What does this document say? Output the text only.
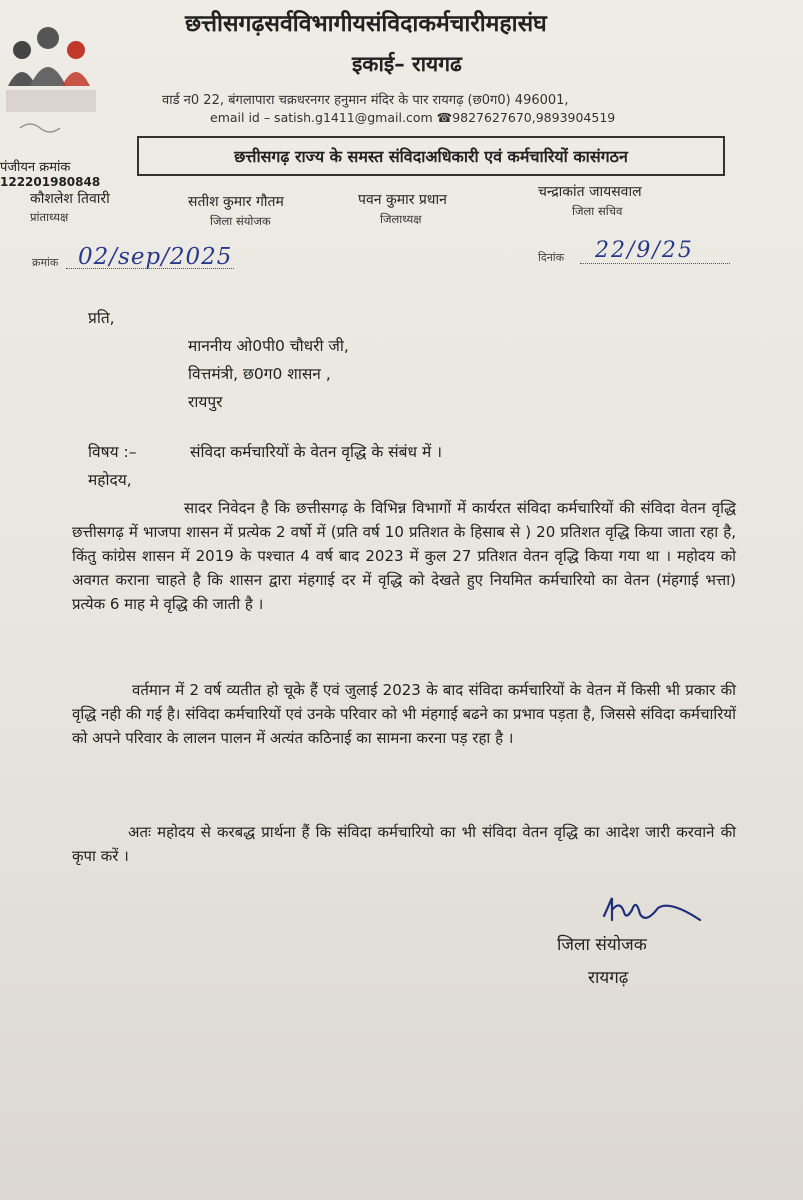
छत्तीसगढ़सर्वविभागीयसंविदाकर्मचारीमहासंघ
इकाई– रायगढ
वार्ड न0 22, बंगलापारा चक्रधरनगर हनुमान मंदिर के पार रायगढ़ (छ0ग0) 496001,
email id – satish.g1411@gmail.com ☎9827627670,9893904519
पंजीयन क्रमांक
122201980848
छत्तीसगढ़ राज्य के समस्त संविदाअधिकारी एवं कर्मचारियों कासंगठन
कौशलेश तिवारी
प्रांताध्यक्ष
सतीश कुमार गौतम
जिला संयोजक
पवन कुमार प्रधान
जिलाध्यक्ष
चन्द्राकांत जायसवाल
जिला सचिव
क्रमांक 02/sep/2025	दिनांक 22/9/25
प्रति,
माननीय ओ0पी0 चौधरी जी,
वित्तमंत्री, छ0ग0 शासन ,
रायपुर
विषय :–	संविदा कर्मचारियों के वेतन वृद्धि के संबंध में ।
महोदय,
सादर निवेदन है कि छत्तीसगढ़ के विभिन्न विभागों में कार्यरत संविदा कर्मचारियों की संविदा वेतन वृद्धि छत्तीसगढ़ में भाजपा शासन में प्रत्येक 2 वर्षो में (प्रति वर्ष 10 प्रतिशत के हिसाब से ) 20 प्रतिशत वृद्धि किया जाता रहा है, किंतु कांग्रेस शासन में 2019 के पश्चात 4 वर्ष बाद 2023 में कुल 27 प्रतिशत वेतन वृद्धि किया गया था । महोदय को अवगत कराना चाहते है कि शासन द्वारा मंहगाई दर में वृद्धि को देखते हुए नियमित कर्मचारियो का वेतन (मंहगाई भत्ता) प्रत्येक 6 माह मे वृद्धि की जाती है ।
वर्तमान में 2 वर्ष व्यतीत हो चूके हैं एवं जुलाई 2023 के बाद संविदा कर्मचारियों के वेतन में किसी भी प्रकार की वृद्धि नही की गई है। संविदा कर्मचारियों एवं उनके परिवार को भी मंहगाई बढने का प्रभाव पड़ता है, जिससे संविदा कर्मचारियों को अपने परिवार के लालन पालन में अत्यंत कठिनाई का सामना करना पड़ रहा है ।
अतः महोदय से करबद्ध प्रार्थना हैं कि संविदा कर्मचारियो का भी संविदा वेतन वृद्धि का आदेश जारी करवाने की कृपा करें ।
जिला संयोजक
रायगढ़
